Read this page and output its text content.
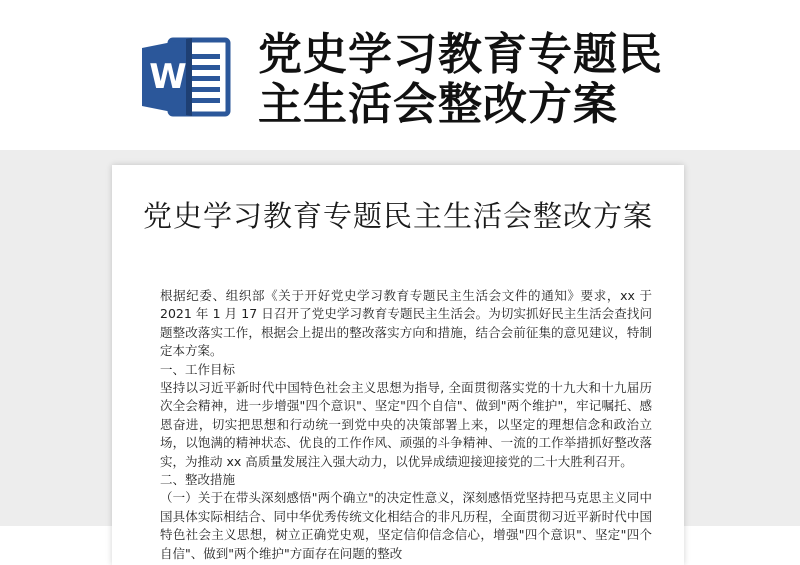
W 党史学习教育专题民主生活会整改方案
党史学习教育专题民主生活会整改方案

根据纪委、组织部《关于开好党史学习教育专题民主生活会文件的通知》要求，xx 于 2021 年 1 月 17 日召开了党史学习教育专题民主生活会。为切实抓好民主生活会查找问题整改落实工作，根据会上提出的整改落实方向和措施，结合会前征集的意见建议，特制定本方案。

一、工作目标

坚持以习近平新时代中国特色社会主义思想为指导, 全面贯彻落实党的十九大和十九届历次全会精神，进一步增强"四个意识"、坚定"四个自信"、做到"两个维护"，牢记嘱托、感恩奋进，切实把思想和行动统一到党中央的决策部署上来，以坚定的理想信念和政治立场，以饱满的精神状态、优良的工作作风、顽强的斗争精神、一流的工作举措抓好整改落实，为推动 xx 高质量发展注入强大动力，以优异成绩迎接迎接党的二十大胜利召开。

二、整改措施

（一）关于在带头深刻感悟"两个确立"的决定性意义，深刻感悟党坚持把马克思主义同中国具体实际相结合、同中华优秀传统文化相结合的非凡历程，全面贯彻习近平新时代中国特色社会主义思想，树立正确党史观，坚定信仰信念信心，增强"四个意识"、坚定"四个自信"、做到"两个维护"方面存在问题的整改
